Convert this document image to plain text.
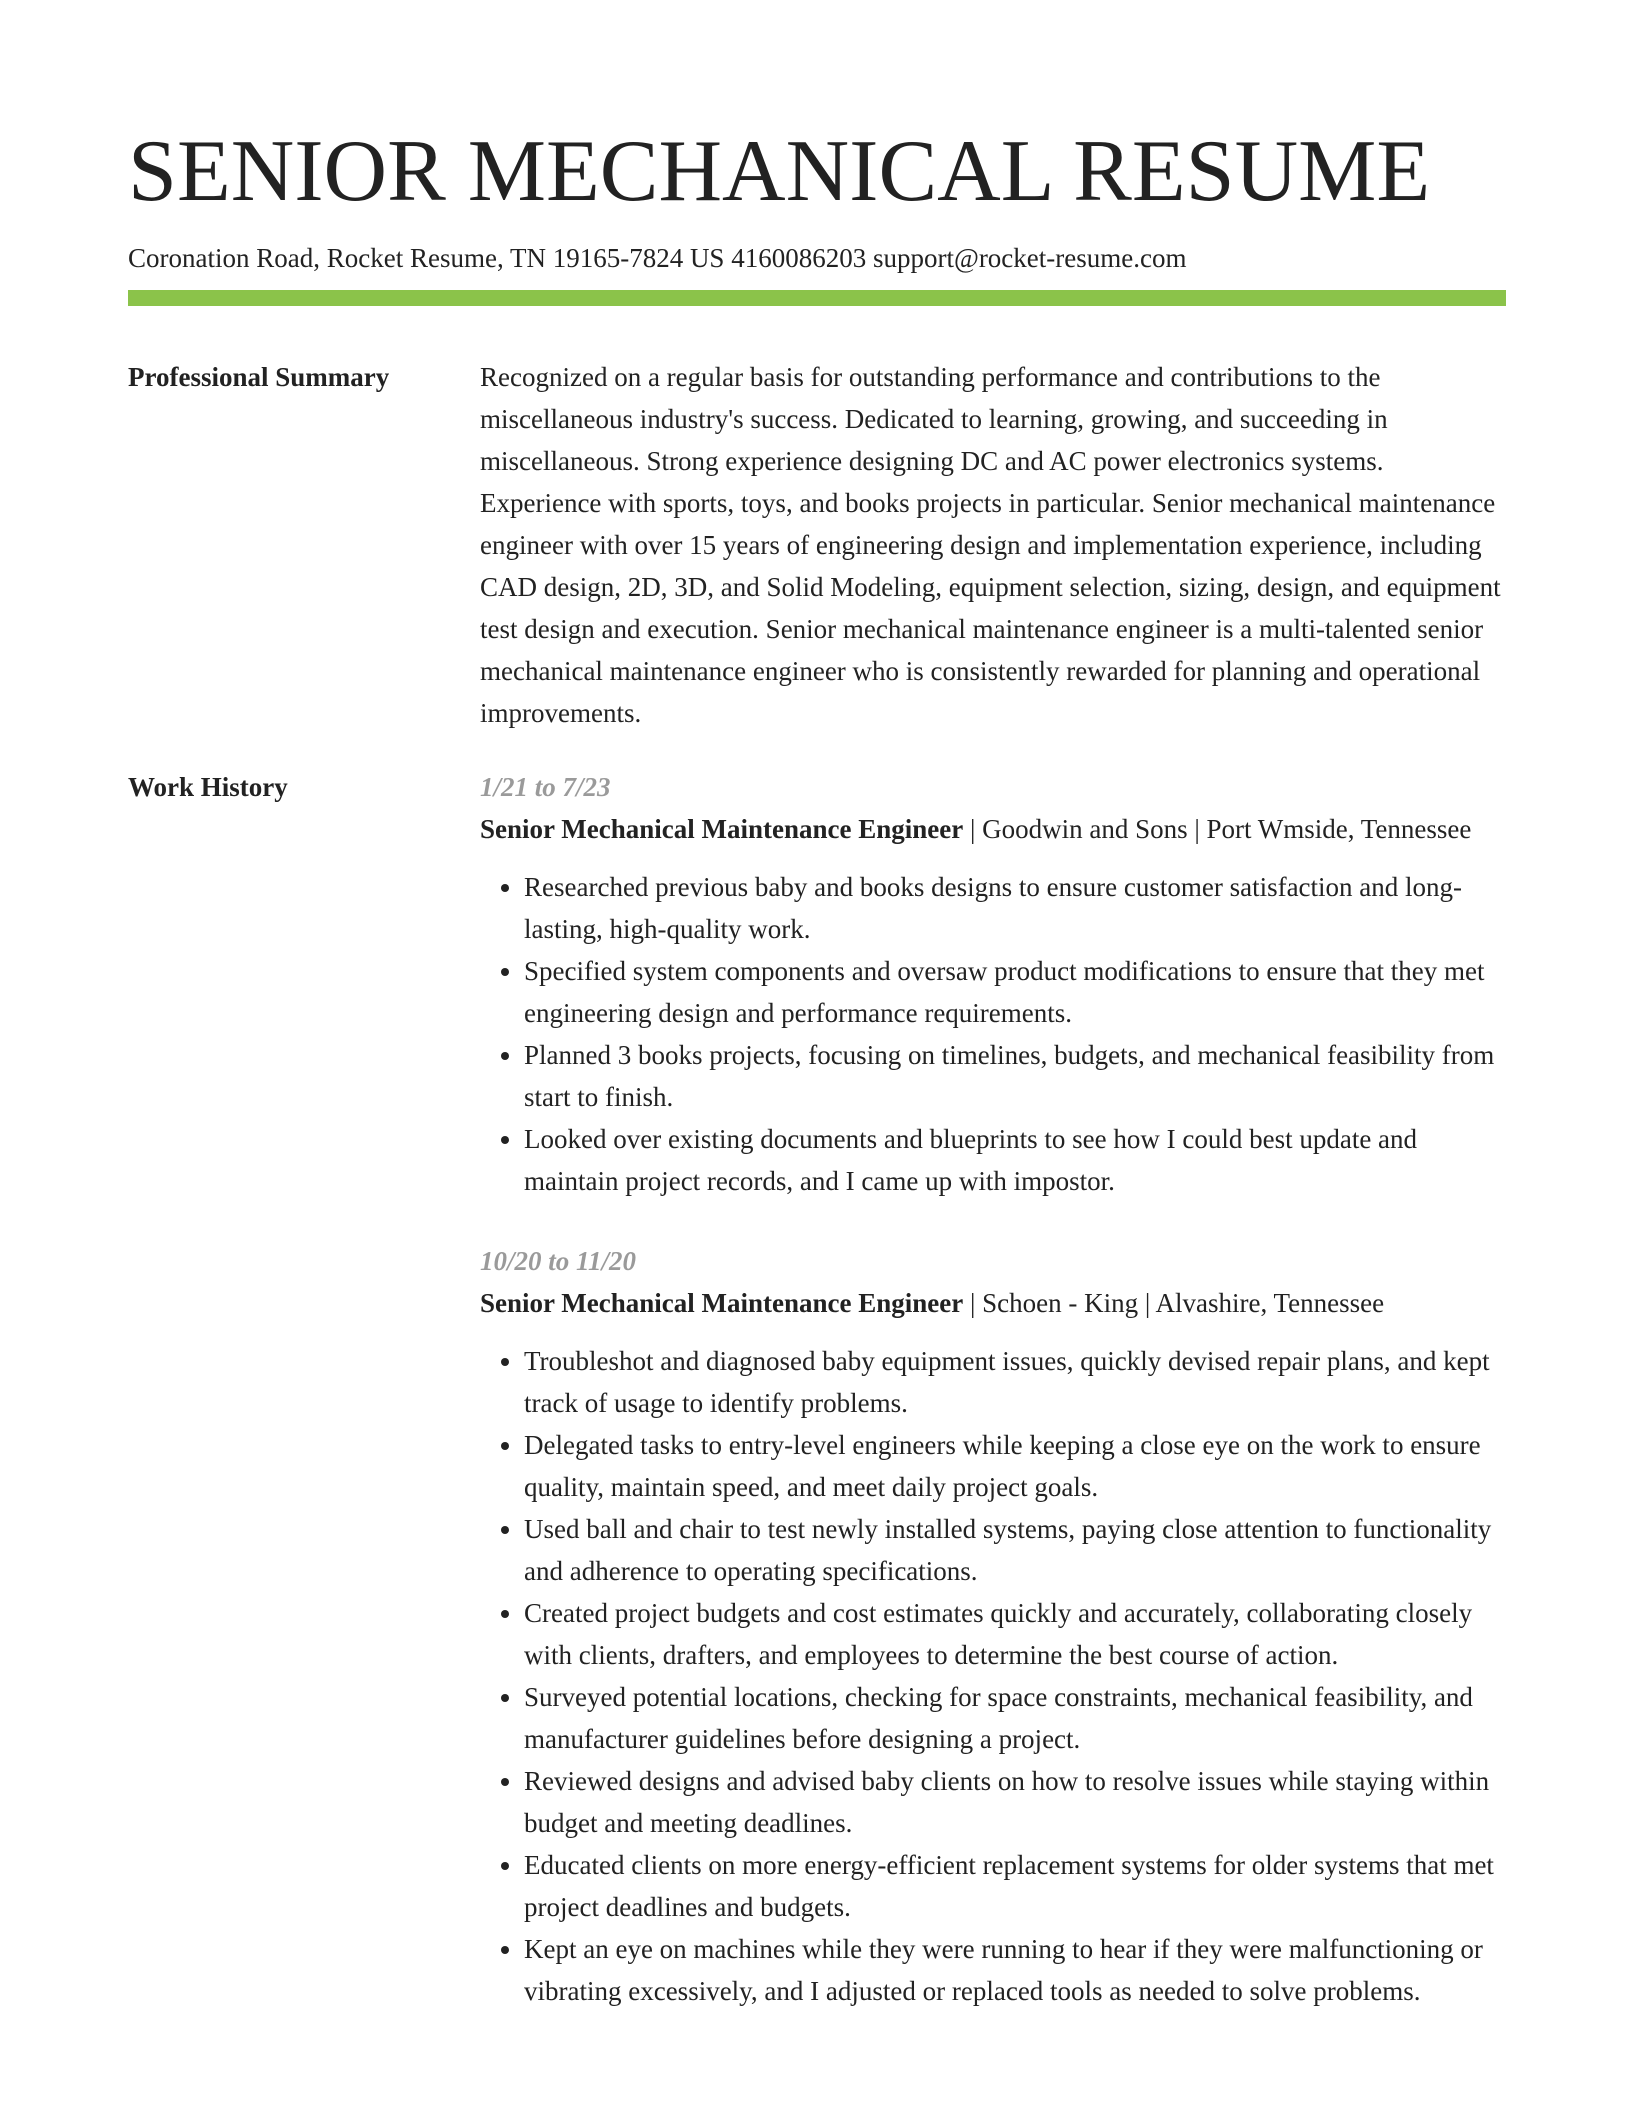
SENIOR MECHANICAL RESUME
Coronation Road, Rocket Resume, TN 19165-7824 US 4160086203 support@rocket-resume.com
Professional Summary	Recognized on a regular basis for outstanding performance and contributions to the miscellaneous industry's success. Dedicated to learning, growing, and succeeding in miscellaneous. Strong experience designing DC and AC power electronics systems. Experience with sports, toys, and books projects in particular. Senior mechanical maintenance engineer with over 15 years of engineering design and implementation experience, including CAD design, 2D, 3D, and Solid Modeling, equipment selection, sizing, design, and equipment test design and execution. Senior mechanical maintenance engineer is a multi-talented senior mechanical maintenance engineer who is consistently rewarded for planning and operational improvements.

Work History	1/21 to 7/23
Senior Mechanical Maintenance Engineer | Goodwin and Sons | Port Wmside, Tennessee
• Researched previous baby and books designs to ensure customer satisfaction and long-lasting, high-quality work.
• Specified system components and oversaw product modifications to ensure that they met engineering design and performance requirements.
• Planned 3 books projects, focusing on timelines, budgets, and mechanical feasibility from start to finish.
• Looked over existing documents and blueprints to see how I could best update and maintain project records, and I came up with impostor.
10/20 to 11/20
Senior Mechanical Maintenance Engineer | Schoen - King | Alvashire, Tennessee
• Troubleshot and diagnosed baby equipment issues, quickly devised repair plans, and kept track of usage to identify problems.
• Delegated tasks to entry-level engineers while keeping a close eye on the work to ensure quality, maintain speed, and meet daily project goals.
• Used ball and chair to test newly installed systems, paying close attention to functionality and adherence to operating specifications.
• Created project budgets and cost estimates quickly and accurately, collaborating closely with clients, drafters, and employees to determine the best course of action.
• Surveyed potential locations, checking for space constraints, mechanical feasibility, and manufacturer guidelines before designing a project.
• Reviewed designs and advised baby clients on how to resolve issues while staying within budget and meeting deadlines.
• Educated clients on more energy-efficient replacement systems for older systems that met project deadlines and budgets.
• Kept an eye on machines while they were running to hear if they were malfunctioning or vibrating excessively, and I adjusted or replaced tools as needed to solve problems.
